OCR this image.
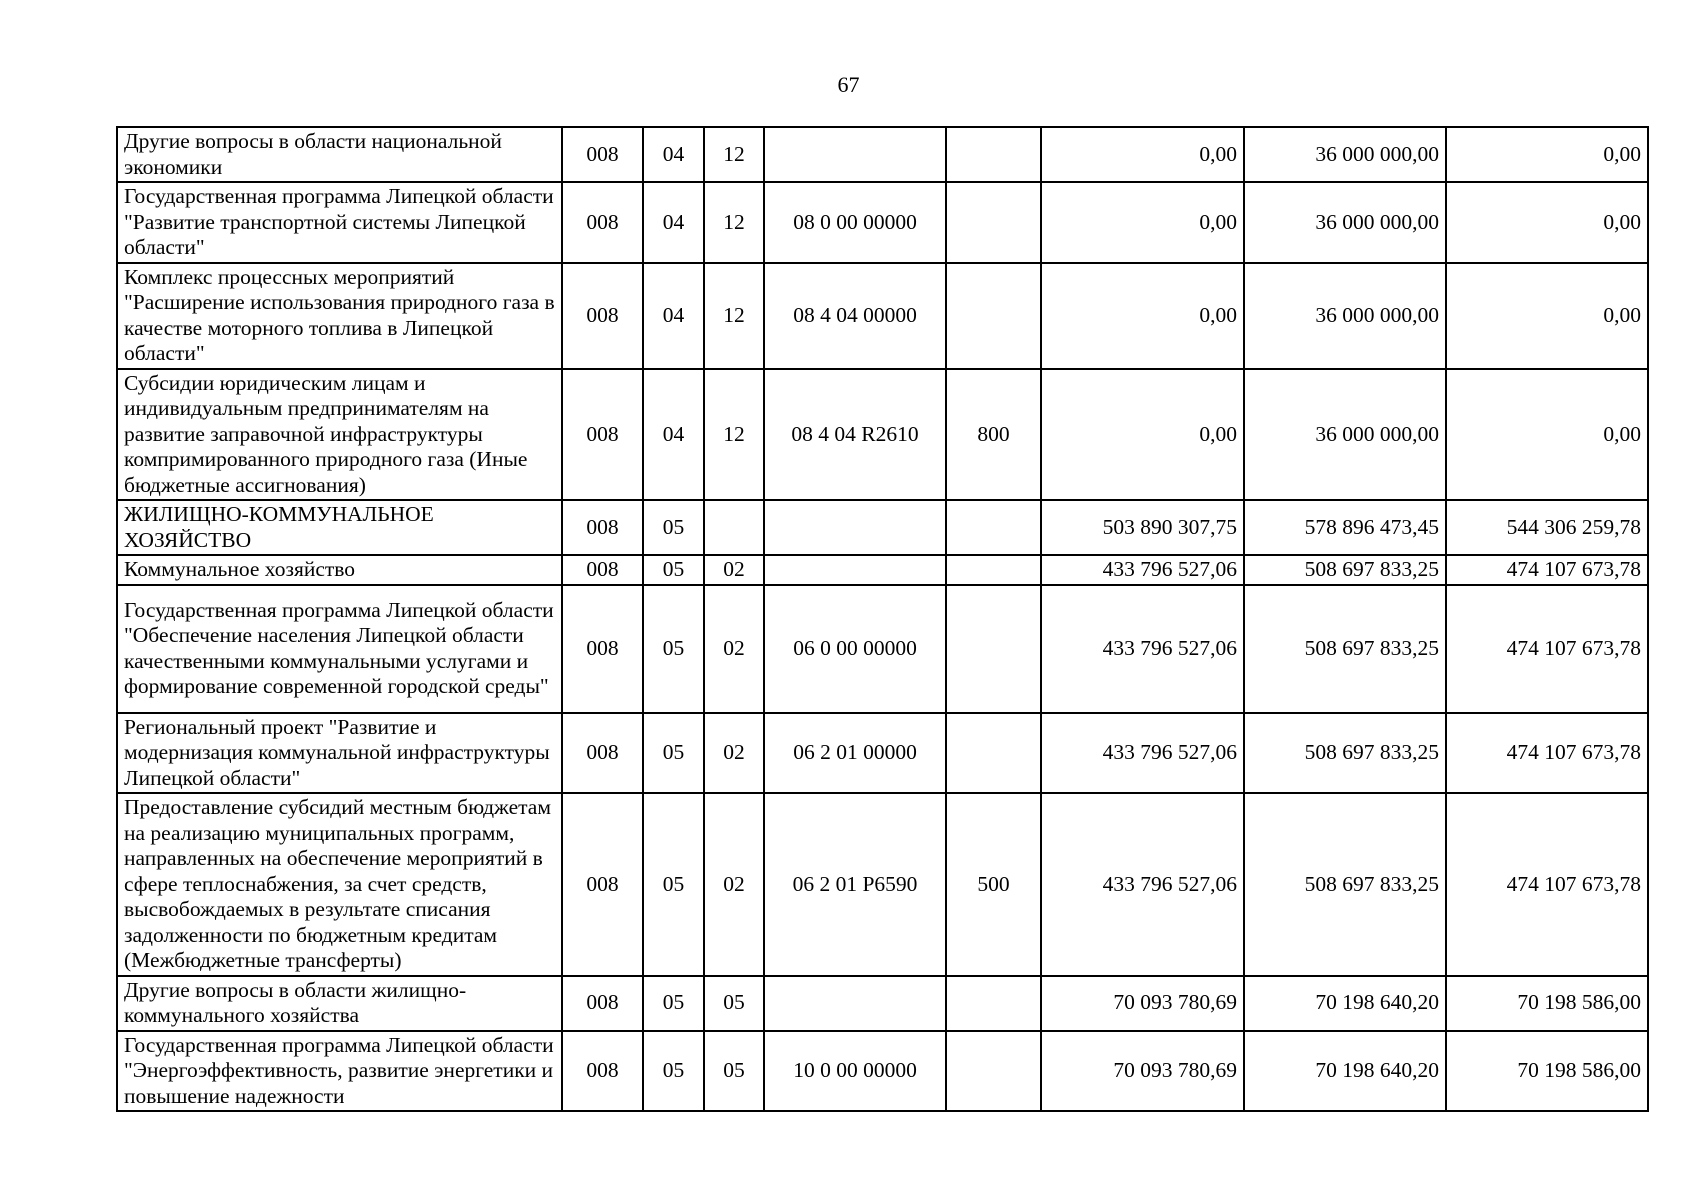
67
Другие вопросы в области национальной экономики	008	04	12			0,00	36 000 000,00	0,00
Государственная программа Липецкой области "Развитие транспортной системы Липецкой области"	008	04	12	08 0 00 00000		0,00	36 000 000,00	0,00
Комплекс процессных мероприятий "Расширение использования природного газа в качестве моторного топлива в Липецкой области"	008	04	12	08 4 04 00000		0,00	36 000 000,00	0,00
Субсидии юридическим лицам и индивидуальным предпринимателям на развитие заправочной инфраструктуры компримированного природного газа (Иные бюджетные ассигнования)	008	04	12	08 4 04 R2610	800	0,00	36 000 000,00	0,00
ЖИЛИЩНО-КОММУНАЛЬНОЕ ХОЗЯЙСТВО	008	05				503 890 307,75	578 896 473,45	544 306 259,78
Коммунальное хозяйство	008	05	02			433 796 527,06	508 697 833,25	474 107 673,78
Государственная программа Липецкой области "Обеспечение населения Липецкой области качественными коммунальными услугами и формирование современной городской среды"	008	05	02	06 0 00 00000		433 796 527,06	508 697 833,25	474 107 673,78
Региональный проект "Развитие и модернизация коммунальной инфраструктуры Липецкой области"	008	05	02	06 2 01 00000		433 796 527,06	508 697 833,25	474 107 673,78
Предоставление субсидий местным бюджетам на реализацию муниципальных программ, направленных на обеспечение мероприятий в сфере теплоснабжения, за счет средств, высвобождаемых в результате списания задолженности по бюджетным кредитам (Межбюджетные трансферты)	008	05	02	06 2 01 P6590	500	433 796 527,06	508 697 833,25	474 107 673,78
Другие вопросы в области жилищно-коммунального хозяйства	008	05	05			70 093 780,69	70 198 640,20	70 198 586,00
Государственная программа Липецкой области "Энергоэффективность, развитие энергетики и повышение надежности	008	05	05	10 0 00 00000		70 093 780,69	70 198 640,20	70 198 586,00
